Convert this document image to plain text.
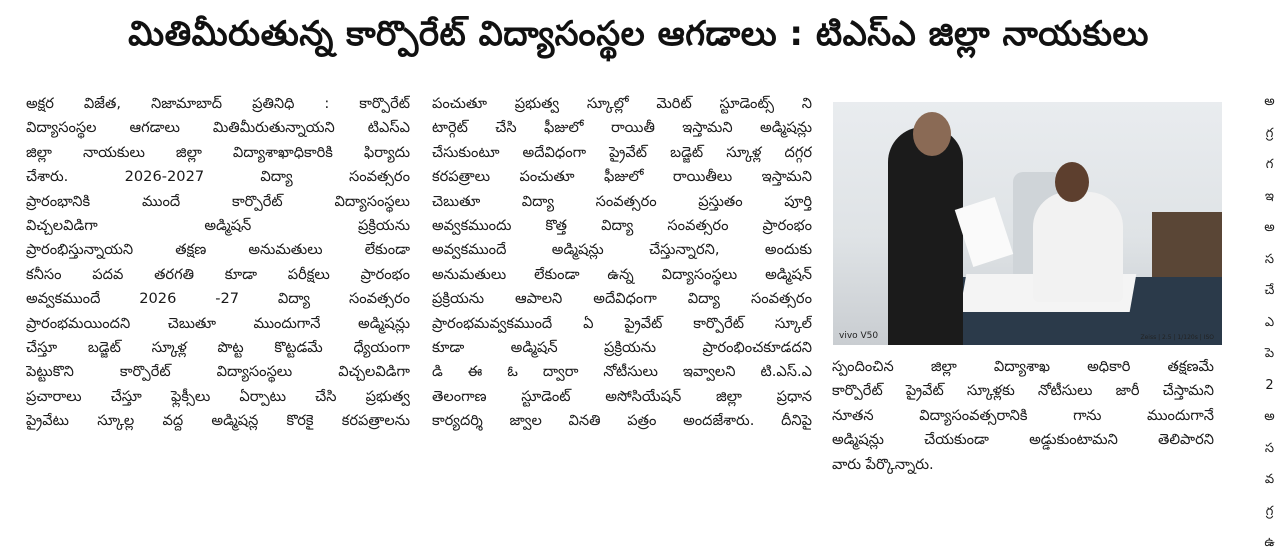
మితిమీరుతున్న కార్పొరేట్ విద్యాసంస్థల ఆగడాలు : టిఎస్ఎ జిల్లా నాయకులు
అక్షర విజేత, నిజామాబాద్ ప్రతినిధి : కార్పొరేట్
విద్యాసంస్థల ఆగడాలు మితిమీరుతున్నాయని టిఎస్ఎ
జిల్లా నాయకులు జిల్లా విద్యాశాఖాధికారికి ఫిర్యాదు
చేశారు. 2026-2027 విద్యా సంవత్సరం
ప్రారంభానికి ముందే కార్పొరేట్ విద్యాసంస్థలు
విచ్చలవిడిగా అడ్మిషన్ ప్రక్రియను
ప్రారంభిస్తున్నాయని తక్షణ అనుమతులు లేకుండా
కనీసం పదవ తరగతి కూడా పరీక్షలు ప్రారంభం
అవ్వకముందే 2026 -27 విద్యా సంవత్సరం
ప్రారంభమయిందని చెబుతూ ముందుగానే అడ్మిషన్లు
చేస్తూ బడ్జెట్ స్కూళ్ల పొట్ట కొట్టడమే ధ్యేయంగా
పెట్టుకొని కార్పొరేట్ విద్యాసంస్థలు విచ్చలవిడిగా
ప్రచారాలు చేస్తూ ఫ్లెక్సీలు ఏర్పాటు చేసి ప్రభుత్వ
ప్రైవేటు స్కూల్ల వద్ద అడ్మిషన్ల కొరకై కరపత్రాలను
పంచుతూ ప్రభుత్వ స్కూల్లో మెరిట్ స్టూడెంట్స్ ని
టార్గెట్ చేసి ఫీజులో రాయితీ ఇస్తామని అడ్మిషన్లు
చేసుకుంటూ అదేవిధంగా ప్రైవేట్ బడ్జెట్ స్కూళ్ల దగ్గర
కరపత్రాలు పంచుతూ ఫీజులో రాయితీలు ఇస్తామని
చెబుతూ విద్యా సంవత్సరం ప్రస్తుతం పూర్తి
అవ్వకముందు కొత్త విద్యా సంవత్సరం ప్రారంభం
అవ్వకముందే అడ్మిషన్లు చేస్తున్నారని, అందుకు
అనుమతులు లేకుండా ఉన్న విద్యాసంస్థలు అడ్మిషన్
ప్రక్రియను ఆపాలని అదేవిధంగా విద్యా సంవత్సరం
ప్రారంభమవ్వకముందే ఏ ప్రైవేట్ కార్పొరేట్ స్కూల్
కూడా అడ్మిషన్ ప్రక్రియను ప్రారంభించకూడదని
డి ఈ ఓ ద్వారా నోటీసులు ఇవ్వాలని టి.ఎస్.ఎ
తెలంగాణ స్టూడెంట్ అసోసియేషన్ జిల్లా ప్రధాన
కార్యదర్శి జ్వాల వినతి పత్రం అందజేశారు. దీనిపై
vivo V50	Zeiss | 2.5 | 1/120s | ISO
స్పందించిన జిల్లా విద్యాశాఖ అధికారి తక్షణమే
కార్పొరేట్ ప్రైవేట్ స్కూళ్లకు నోటీసులు జారీ చేస్తామని
నూతన విద్యాసంవత్సరానికి గాను ముందుగానే
అడ్మిషన్లు చేయకుండా అడ్డుకుంటామని తెలిపారని
వారు పేర్కొన్నారు.
అ
గ్ర
గ
ఇ
అ
స
చే
ఎ
పె
2
అ
స
వ
గ్ర
ఉ
